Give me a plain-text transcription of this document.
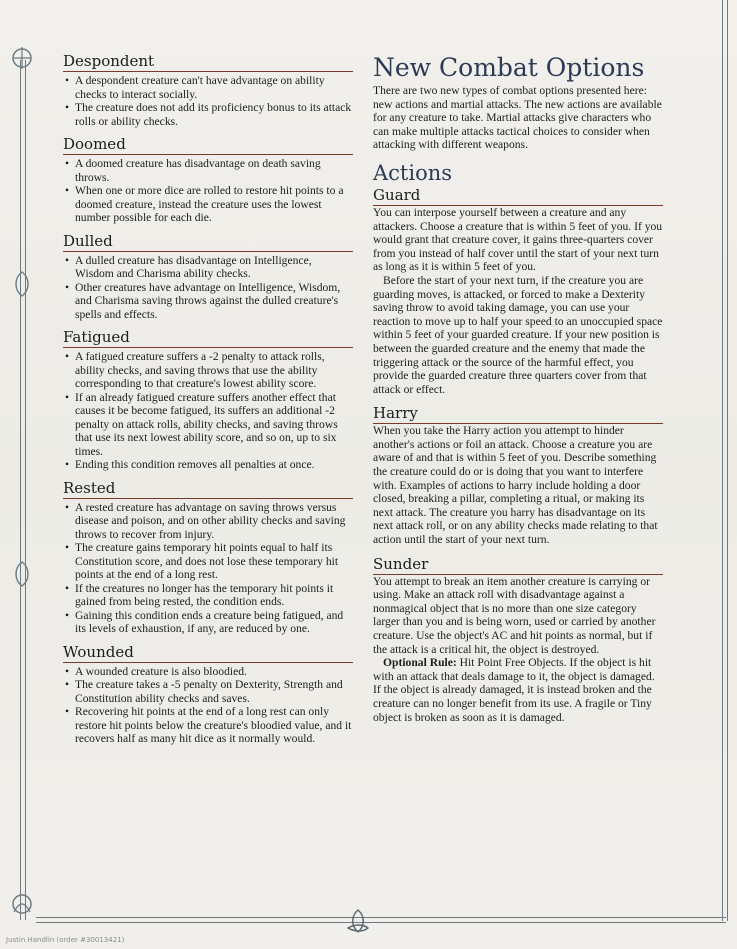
Justin Handlin (order #30013421)
Despondent
• A despondent creature can't have advantage on ability checks to interact socially.
• The creature does not add its proficiency bonus to its attack rolls or ability checks.
Doomed
• A doomed creature has disadvantage on death saving throws.
• When one or more dice are rolled to restore hit points to a doomed creature, instead the creature uses the lowest number possible for each die.
Dulled
• A dulled creature has disadvantage on Intelligence, Wisdom and Charisma ability checks.
• Other creatures have advantage on Intelligence, Wisdom, and Charisma saving throws against the dulled creature's spells and effects.
Fatigued
• A fatigued creature suffers a -2 penalty to attack rolls, ability checks, and saving throws that use the ability corresponding to that creature's lowest ability score.
• If an already fatigued creature suffers another effect that causes it be become fatigued, its suffers an additional -2 penalty on attack rolls, ability checks, and saving throws that use its next lowest ability score, and so on, up to six times.
• Ending this condition removes all penalties at once.
Rested
• A rested creature has advantage on saving throws versus disease and poison, and on other ability checks and saving throws to recover from injury.
• The creature gains temporary hit points equal to half its Constitution score, and does not lose these temporary hit points at the end of a long rest.
• If the creatures no longer has the temporary hit points it gained from being rested, the condition ends.
• Gaining this condition ends a creature being fatigued, and its levels of exhaustion, if any, are reduced by one.
Wounded
• A wounded creature is also bloodied.
• The creature takes a -5 penalty on Dexterity, Strength and Constitution ability checks and saves.
• Recovering hit points at the end of a long rest can only restore hit points below the creature's bloodied value, and it recovers half as many hit dice as it normally would.
New Combat Options

There are two new types of combat options presented here: new actions and martial attacks. The new actions are available for any creature to take. Martial attacks give characters who can make multiple attacks tactical choices to consider when attacking with different weapons.

Actions
Guard

You can interpose yourself between a creature and any attackers. Choose a creature that is within 5 feet of you. If you would grant that creature cover, it gains three-quarters cover from you instead of half cover until the start of your next turn as long as it is within 5 feet of you.

Before the start of your next turn, if the creature you are guarding moves, is attacked, or forced to make a Dexterity saving throw to avoid taking damage, you can use your reaction to move up to half your speed to an unoccupied space within 5 feet of your guarded creature. If your new position is between the guarded creature and the enemy that made the triggering attack or the source of the harmful effect, you provide the guarded creature three quarters cover from that attack or effect.

Harry

When you take the Harry action you attempt to hinder another's actions or foil an attack. Choose a creature you are aware of and that is within 5 feet of you. Describe something the creature could do or is doing that you want to interfere with. Examples of actions to harry include holding a door closed, breaking a pillar, completing a ritual, or making its next attack. The creature you harry has disadvantage on its next attack roll, or on any ability checks made relating to that action until the start of your next turn.

Sunder

You attempt to break an item another creature is carrying or using. Make an attack roll with disadvantage against a nonmagical object that is no more than one size category larger than you and is being worn, used or carried by another creature. Use the object's AC and hit points as normal, but if the attack is a critical hit, the object is destroyed.

Optional Rule: Hit Point Free Objects. If the object is hit with an attack that deals damage to it, the object is damaged. If the object is already damaged, it is instead broken and the creature can no longer benefit from its use. A fragile or Tiny object is broken as soon as it is damaged.
